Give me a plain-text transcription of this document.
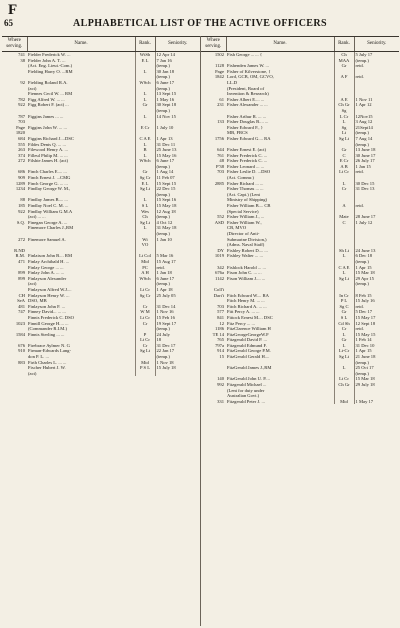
F
65	ALPHABETICAL LIST OF THE ACTIVE OFFICERS
Where serving.	Name.	Rank.	Seniority.
741	Fielder Frederick W. ...	WtSh	12 Apr 14

38	Fielder John A. T. ...	E L	7 Jan 16
	(Act. Eng. Lieut.-Com.)		(temp.)
	Fielding Harry O. ...RM	L	30 Jan 18
			(temp.)
92	Fielding Roland R.A.	WSch	6 June 17
	(act)		(temp.)
	Fiennes Cecil W. ... RM	L	13 Sept 15
782	Figg Alfred W. ... ...	L	1 May 16
922	Figg Robert F. (act) ...	Gr	30 Sept 18
			(temp.)
787	Figgins James ... ...	L	14 Nov 15
703			
Page	Figgins John W. ... ...	E Cr	1 July 10
1820			
684	Figgins Richard J....DSC	C A E	1 Apr 13

555	Fildes Denis Q. ... ...	L	31 Dec 11

263	Filewood Henry A. ...	B	25 June 13

374	Filleul Philip M. ... ...	L	15 May 16

272	Filshie James H. (act)	WSch	6 June 17
			(temp.)
686	Finch Charles E.... ...	Gr	1 Aug 14

909	Finch Ernest J. ...CMG	Sg Cr	11 Feb 07
1289	Finch George G. ... ...	E L	15 Sept 15
1234	Findlay George W. M.,	Sg Lt	22 Dec 15
			(temp.)
88	Findlay James B.... ...	L	15 Sept 16
185	Findlay Noel C. M. ...	S L	15 May 18
922	Findlay William G.M.A	Wes	12 Aug 18
	(act) ... ...	Ch	(temp.)
S.Q.	Finegan George A. ...	Sg Lt	4 Oct 12

	Finemore Charles J.,RM	L	31 May 18
			(temp.)
272	Finemore Samuel A.	Wt	1 Jan 10
		VO	
R.ND			
R.M.	Finlaison John B.... RM	Lt Col	5 Mar 16

471	Finlay Archibald H. ...	Mid	15 Aug 17
	Finlay George ... ...	PC	retd.
899	Finlay John A. ... ...	A H	1 Jan 18
899	Finlayson Alexander	WSch	6 June 17
	(act)		(temp.)
	Finlayson Alfred W.J....	Lt Cr	1 Apr 18

CH	Finlayson Henry W. ...	Sg Cr	25 July 05
SeA	DSO, MB		
481	Finlayson John F. ...	Cr	31 Dec 14
747	Finney David... ... ...	W M	1 Nov 16
	Finnis Frederick C. DSO	Lt Cr	15 Feb 16
1023	Finnill George H.... ...	Cr	19 Sept 17
	(Commander R.I.M.)		(temp.)
1584	Finnis Sterling ... ...	P	24 July
		Lt Cr	18
676	Firebrace Aylmer N. G	Cr	31 Dec 17
910	Firman-Edwards Lang-	Sg Lt	22 Jan 17
	don P. L. ...		(temp.)
883	Firth Charles L. ... ...	Mid	1 Nov 18
	Fischer Hubert J. W.	P S L	15 July 18
	(act)		
Where serving.	Name.	Rank.	Seniority.
1502	Fish George ... ... {	Ch	5 July 17
		MAA	(temp.)
1128	Fishenden James W. ...	Gr	retd.
Page	Fisher of Kilverstone, {		
1842	Lord, GCB, OM, GCVO,	A F	retd.
	LL.D		
	(President, Board of		
	Invention & Research)		
61	Fisher Albert E.... ...	A E	1 Nov 11
231	Fisher Alexander ... ...	Ch Gr	1 Apr 12
		Sg	
	Fisher Arthur R. ... ...	L Cr	12Nov15
133	Fisher Douglas B.... ...	L	3 Aug 12
	Fisher Edward F., }	Sg	21Sept14
	MB, FRCS	Lt	(temp.)
1756	Fisher Edward G.... RA	Sg Lt	7 Aug 14
			(temp.)
644	Fisher Ernest E. (act)	Gr	13 June 18
761	Fisher Frederick C. ...	C	30 June 17
48	Fisher Frederick C. ...	E Cr	26 July 17
P'38	Fisher Leonard ... ...	A B	1 Jan 15
703	Fisher Leslie D. ...DSO	Lt Cr	retd.
	(Act. Commr.)		
2885	Fisher Richard ... ...	L	30 Dec 15
	Fisher Thomas ... ...	Cr	31 Dec 13
	(Act. Capt.) (Lent		
	Ministry of Shipping)		
	Fisher William B.... CB	A	retd.
	(Special Service)		
552	Fisher William J., ...	Mate	28 June 17
ASD	Fisher William W.,	C	1 July 12
	CB, MVO		
	(Director of Anti-		
	Submarine Division,)		
	(Adms. Naval Staff)		
DY	Fishley Robert D.... ...	Sh Lt	24 June 13
1019	Fishley Walter ... ...	L	6 Dec 18
			(temp.)
342	Fishlock Harold ... ...	C A E	1 Apr 15
676a	Fison John C. ... ...	L	15 Mar 18
1142	Fison William J.... ...	Sg Lt	29 Apr 15
			(temp.)
Coll't			
Dart't	Fitch Edward W.... RA	In Cr	8 Feb 15

	Fitch Henry M. ... ...	P L	15 July 16
703	Fitch Richard A. ... ...	Sg C	retd.
577	Fitt Percy A. ... ...	Gr	5 Dec 17
841	Fittock Ernest M.... DSC	S L	15 May 17
12	Fitz Percy ... ...	Cd Sh	12 Sept 18
1186	FitzClarence William H	Cr	retd.

TE 14	FitzGeorgeGeorgeW.F	L	15 May 15
765	Fitzgerald David P. ...	Gr	1 Feb 14
797a	Fitzgerald Edmund F.	L	31 Dec 10
914	FitzGerald George P.M.	Lt-Cr	1 Apr 15

15	FitzGerald Gerald H....	Sg Lt	21 June 18
			(temp.)
	FitzGerald James J.,RM	L	25 Oct 17
			(temp.)
140	FitzGerald John U. P....	Lt Cr	15 Mar 18
992	Fitzgerald Michael ...	Ch Gr	29 July 18
	(Lent for duty under		
	Australian Govt.)		
331	Fitzgerald Peter J. ...	Mid	1 May 17
